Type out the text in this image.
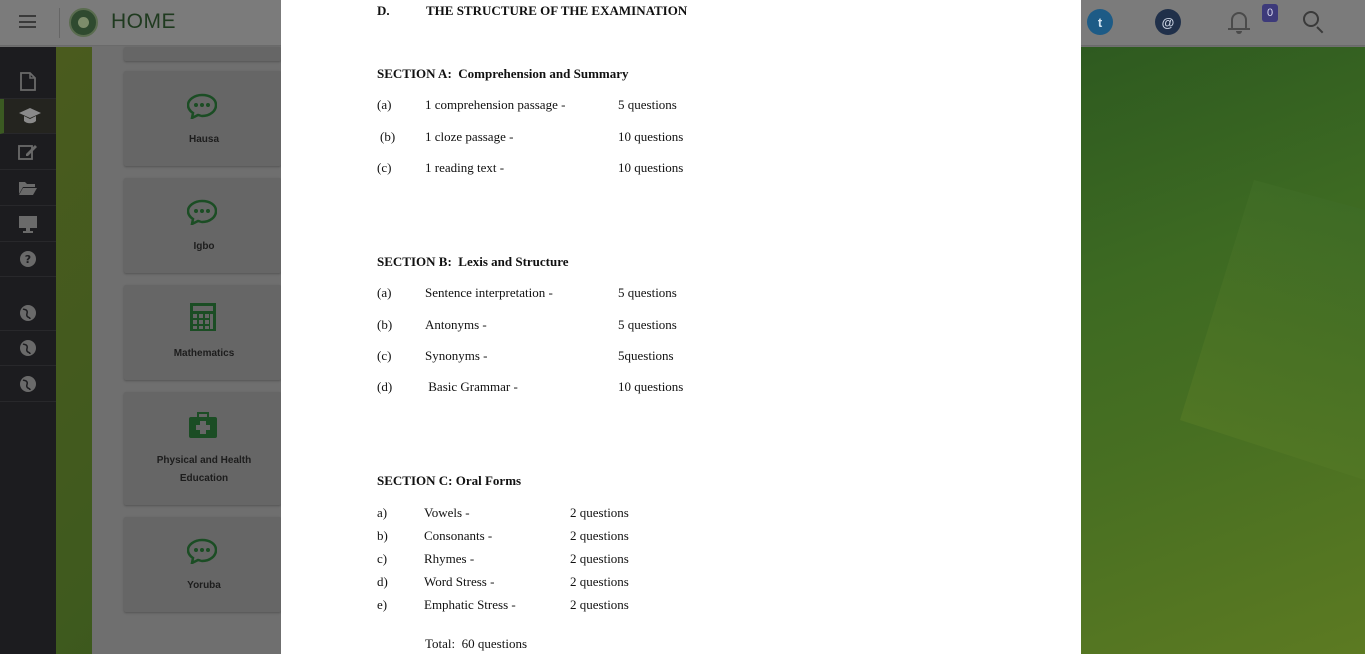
HOME	t	@
0
?
Hausa
Igbo
Mathematics
Physical and Health
Education
Yoruba
D.	THE STRUCTURE OF THE EXAMINATION
SECTION A:  Comprehension and Summary
(a)	1 comprehension passage -	5 questions
(b) 1 cloze passage -	10 questions
(c)	1 reading text -	10 questions
SECTION B:  Lexis and Structure
(a)	Sentence interpretation -	5 questions
(b)	Antonyms -	5 questions
(c)	Synonyms -	5questions
(d)	Basic Grammar -	10 questions
SECTION C: Oral Forms
a)	Vowels -	2 questions
b)	Consonants -	2 questions
c)	Rhymes -	2 questions
d)	Word Stress -	2 questions
e)	Emphatic Stress -	2 questions
Total:  60 questions
